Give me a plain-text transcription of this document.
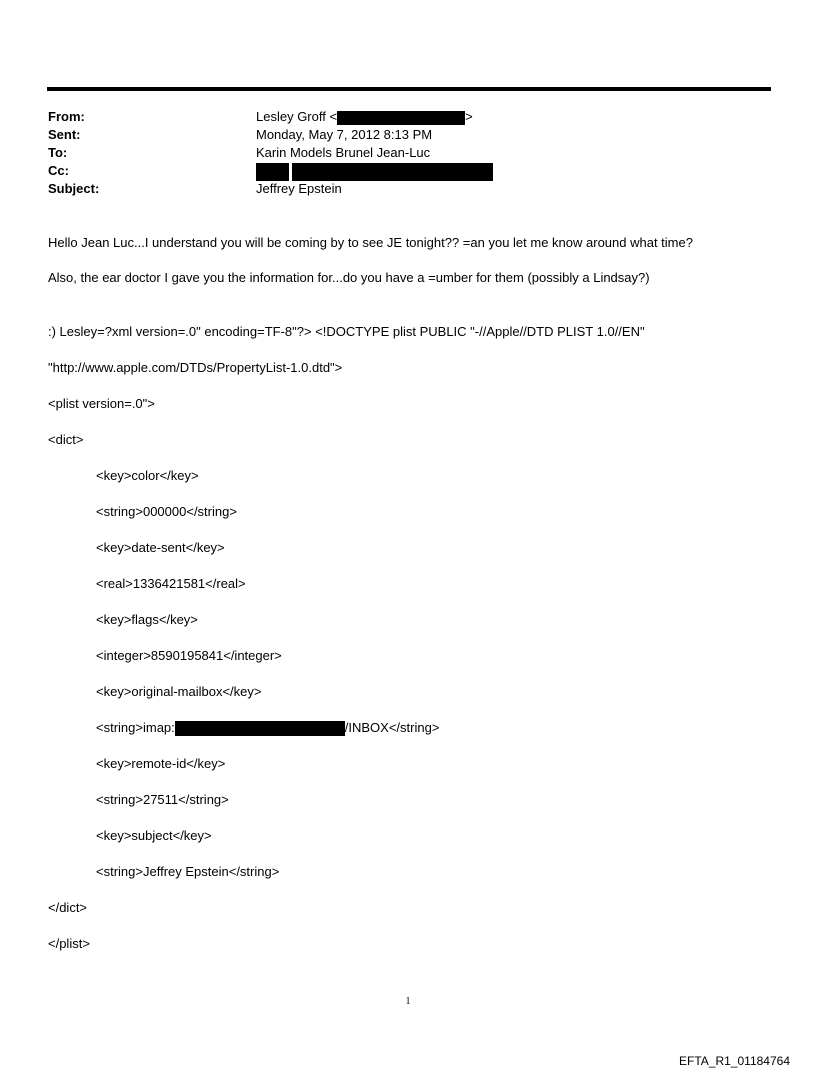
From:	Lesley Groff <	>
Sent:	Monday, May 7, 2012 8:13 PM
To:	Karin Models Brunel Jean-Luc
Cc:
Subject:	Jeffrey Epstein
Hello Jean Luc...I understand you will be coming by to see JE tonight?? =an you let me know around what time?
Also, the ear doctor I gave you the information for...do you have a =umber for them (possibly a Lindsay?)

:) Lesley=?xml version=.0" encoding=TF-8"?> <!DOCTYPE plist PUBLIC "-//Apple//DTD PLIST 1.0//EN"

"http://www.apple.com/DTDs/PropertyList-1.0.dtd">

<plist version=.0">

<dict>

<key>color</key>

<string>000000</string>

<key>date-sent</key>

<real>1336421581</real>

<key>flags</key>

<integer>8590195841</integer>

<key>original-mailbox</key>

<string>imap:	/INBOX</string>

<key>remote-id</key>

<string>27511</string>

<key>subject</key>

<string>Jeffrey Epstein</string>

</dict>

</plist>

1
EFTA_R1_01184764
